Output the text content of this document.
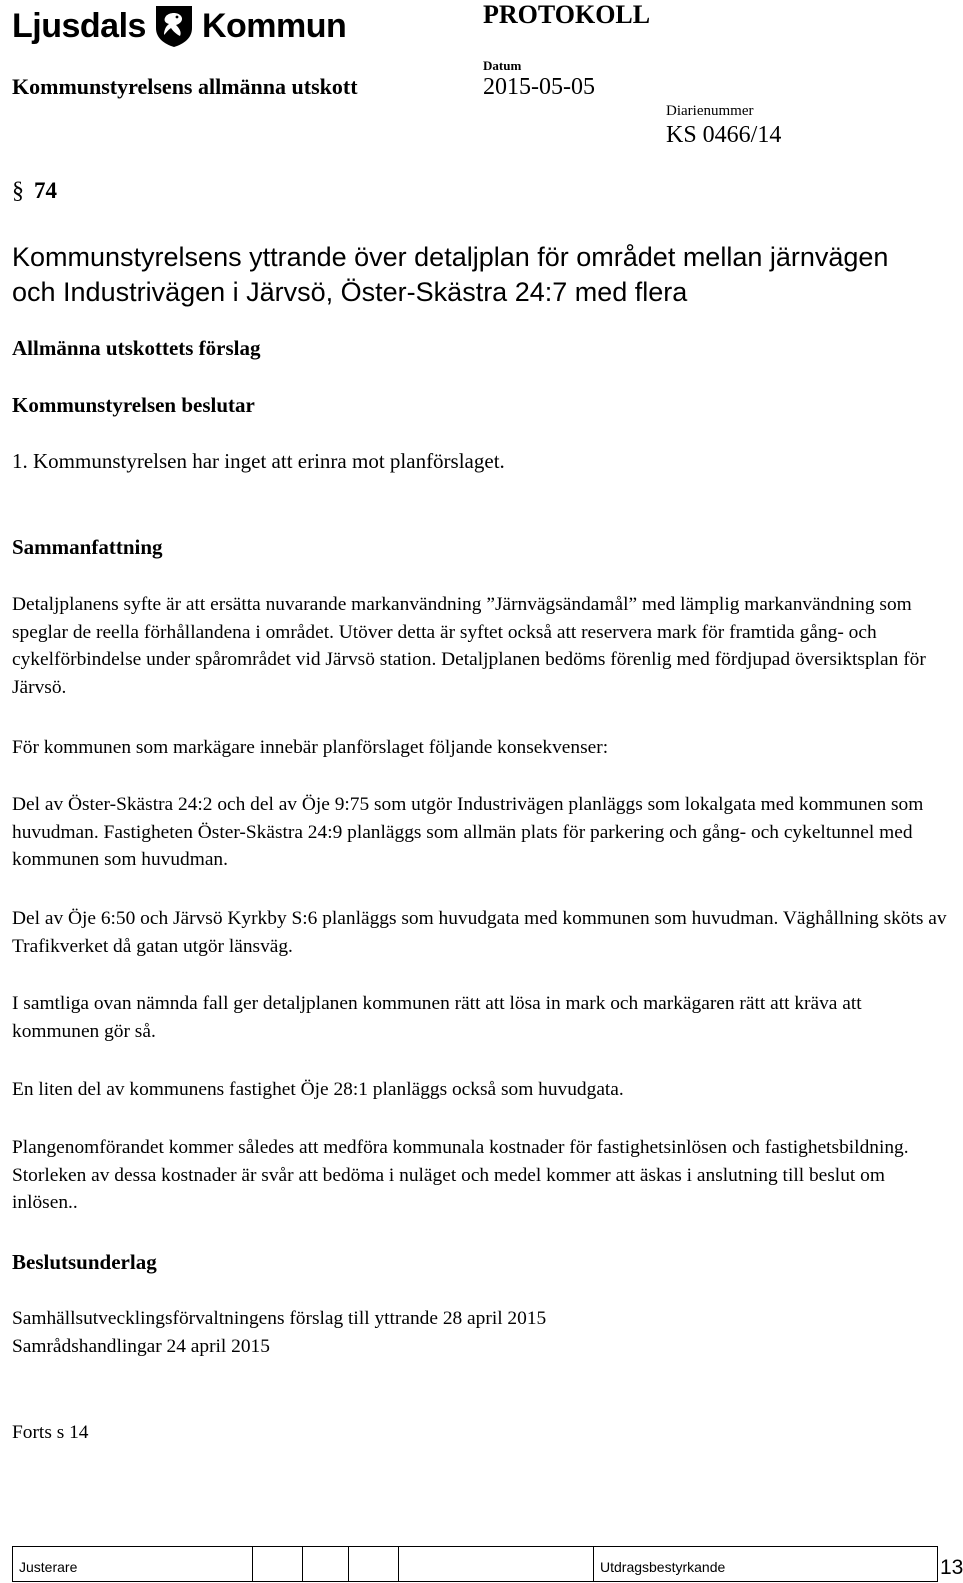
Ljusdals Kommun	PROTOKOLL
Kommunstyrelsens allmänna utskott
Datum
2015-05-05
Diarienummer
KS 0466/14
§ 74
Kommunstyrelsens yttrande över detaljplan för området mellan järnvägen och Industrivägen i Järvsö, Öster-Skästra 24:7 med flera
Allmänna utskottets förslag
Kommunstyrelsen beslutar
1. Kommunstyrelsen har inget att erinra mot planförslaget.
Sammanfattning

Detaljplanens syfte är att ersätta nuvarande markanvändning ”Järnvägsändamål” med lämplig markanvändning som speglar de reella förhållandena i området. Utöver detta är syftet också att reservera mark för framtida gång- och cykelförbindelse under spårområdet vid Järvsö station. Detaljplanen bedöms förenlig med fördjupad översiktsplan för Järvsö.

För kommunen som markägare innebär planförslaget följande konsekvenser:

Del av Öster-Skästra 24:2 och del av Öje 9:75 som utgör Industrivägen planläggs som lokalgata med kommunen som huvudman. Fastigheten Öster-Skästra 24:9 planläggs som allmän plats för parkering och gång- och cykeltunnel med kommunen som huvudman.

Del av Öje 6:50 och Järvsö Kyrkby S:6 planläggs som huvudgata med kommunen som huvudman. Väghållning sköts av Trafikverket då gatan utgör länsväg.

I samtliga ovan nämnda fall ger detaljplanen kommunen rätt att lösa in mark och markägaren rätt att kräva att kommunen gör så.

En liten del av kommunens fastighet Öje 28:1 planläggs också som huvudgata.

Plangenomförandet kommer således att medföra kommunala kostnader för fastighetsinlösen och fastighetsbildning. Storleken av dessa kostnader är svår att bedöma i nuläget och medel kommer att äskas i anslutning till beslut om inlösen..

Beslutsunderlag

Samhällsutvecklingsförvaltningens förslag till yttrande 28 april 2015

Samrådshandlingar 24 april 2015

Forts s 14
Justerare	Utdragsbestyrkande	13
